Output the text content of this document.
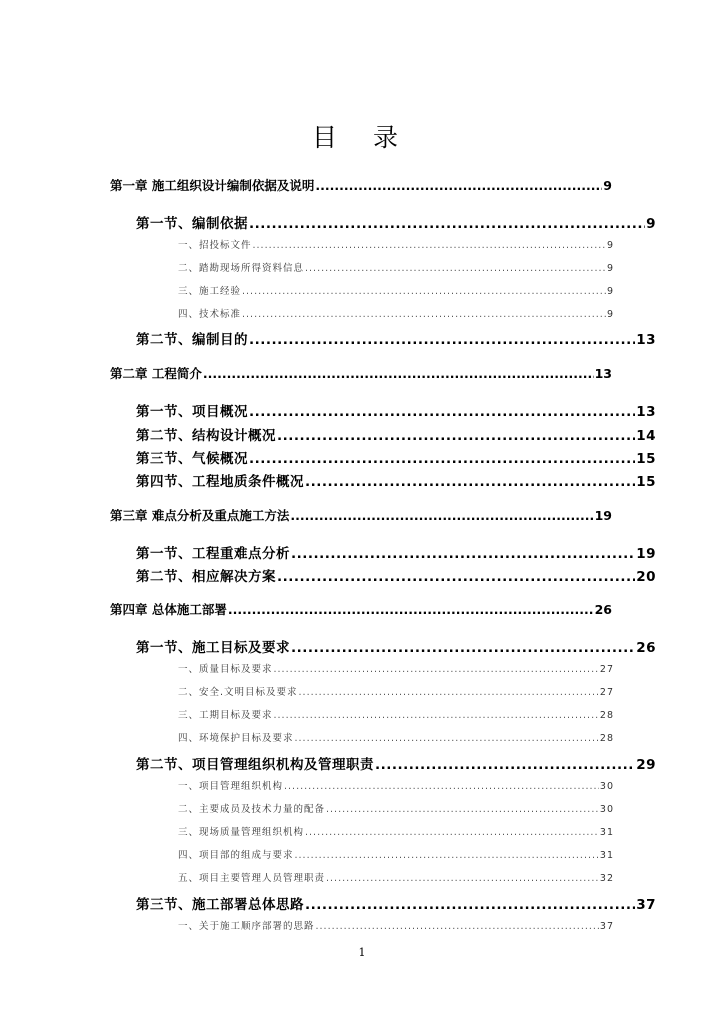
目 录
第一章 施工组织设计编制依据及说明 .....	9
第一节、编制依据 .....	9
一、招投标文件 .....	9
二、踏勘现场所得资料信息 .....	9
三、施工经验 .....	9
四、技术标准 .....	9
第二节、编制目的 .....	13
第二章 工程简介 .....	13
第一节、项目概况 .....	13
第二节、结构设计概况 .....	14
第三节、气候概况 .....	15
第四节、工程地质条件概况 .....	15
第三章 难点分析及重点施工方法 .....	19
第一节、工程重难点分析 .....	19
第二节、相应解决方案 .....	20
第四章 总体施工部署 .....	26
第一节、施工目标及要求 .....	26
一、质量目标及要求 .....	27
二、安全.文明目标及要求 .....	27
三、工期目标及要求 .....	28
四、环境保护目标及要求 .....	28
第二节、项目管理组织机构及管理职责 .....	29
一、项目管理组织机构 .....	30
二、主要成员及技术力量的配备 .....	30
三、现场质量管理组织机构 .....	31
四、项目部的组成与要求 .....	31
五、项目主要管理人员管理职责 .....	32
第三节、施工部署总体思路 .....	37
一、关于施工顺序部署的思路 .....	37
1
